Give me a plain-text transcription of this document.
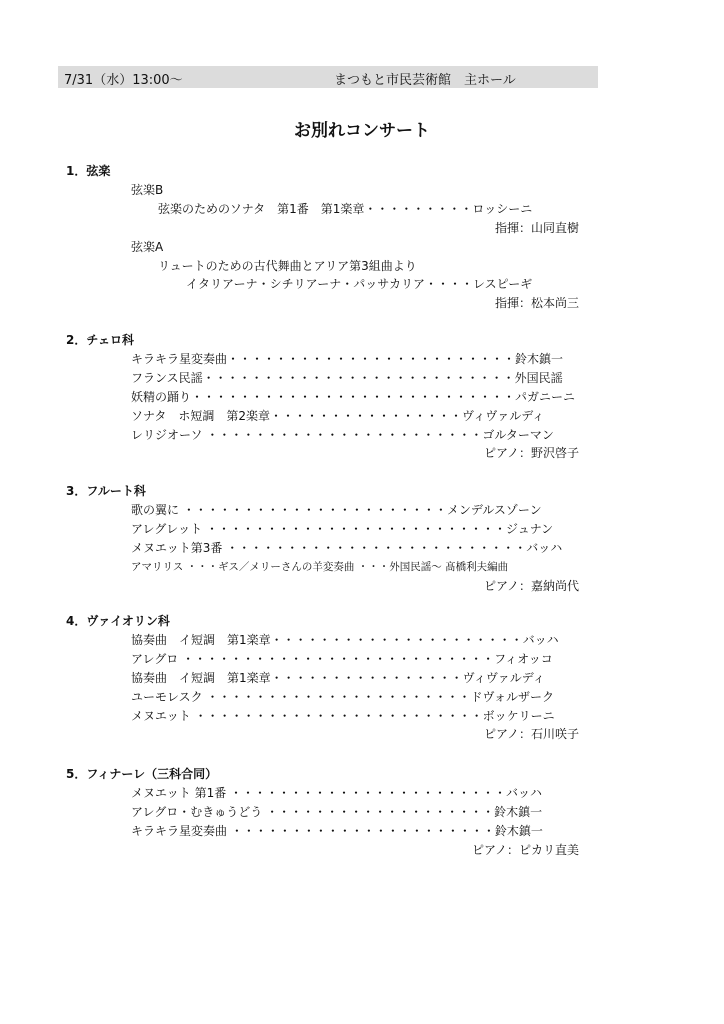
7/31（水）13:00〜	まつもと市民芸術館　主ホール
お別れコンサート
1．弦楽
弦楽B
弦楽のためのソナタ　第1番　第1楽章・・・・・・・・・ロッシーニ
指揮：山同直樹
弦楽A
リュートのための古代舞曲とアリア第3組曲より
イタリアーナ・シチリアーナ・パッサカリア・・・・レスピーギ
指揮：松本尚三
2．チェロ科
キラキラ星変奏曲・・・・・・・・・・・・・・・・・・・・・・・・鈴木鎮一
フランス民謡・・・・・・・・・・・・・・・・・・・・・・・・・・外国民謡
妖精の踊り・・・・・・・・・・・・・・・・・・・・・・・・・・・パガニーニ
ソナタ　ホ短調　第2楽章・・・・・・・・・・・・・・・・ヴィヴァルディ
レリジオーソ ・・・・・・・・・・・・・・・・・・・・・・・ゴルターマン
ピアノ：野沢啓子
3．フルート科
歌の翼に ・・・・・・・・・・・・・・・・・・・・・・メンデルスゾーン
アレグレット ・・・・・・・・・・・・・・・・・・・・・・・・・ジュナン
メヌエット第3番 ・・・・・・・・・・・・・・・・・・・・・・・・・バッハ
アマリリス ・・・ギス／メリーさんの羊変奏曲 ・・・外国民謡〜 髙橋利夫編曲
ピアノ：嘉納尚代
4．ヴァイオリン科
協奏曲　イ短調　第1楽章・・・・・・・・・・・・・・・・・・・・・バッハ
アレグロ ・・・・・・・・・・・・・・・・・・・・・・・・・・フィオッコ
協奏曲　イ短調　第1楽章・・・・・・・・・・・・・・・・ヴィヴァルディ
ユーモレスク ・・・・・・・・・・・・・・・・・・・・・・ドヴォルザーク
メヌエット ・・・・・・・・・・・・・・・・・・・・・・・・ボッケリーニ
ピアノ：石川咲子
5．フィナーレ（三科合同）
メヌエット 第1番 ・・・・・・・・・・・・・・・・・・・・・・・バッハ
アレグロ・むきゅうどう ・・・・・・・・・・・・・・・・・・・鈴木鎮一
キラキラ星変奏曲 ・・・・・・・・・・・・・・・・・・・・・・鈴木鎮一
ピアノ：ピカリ直美
